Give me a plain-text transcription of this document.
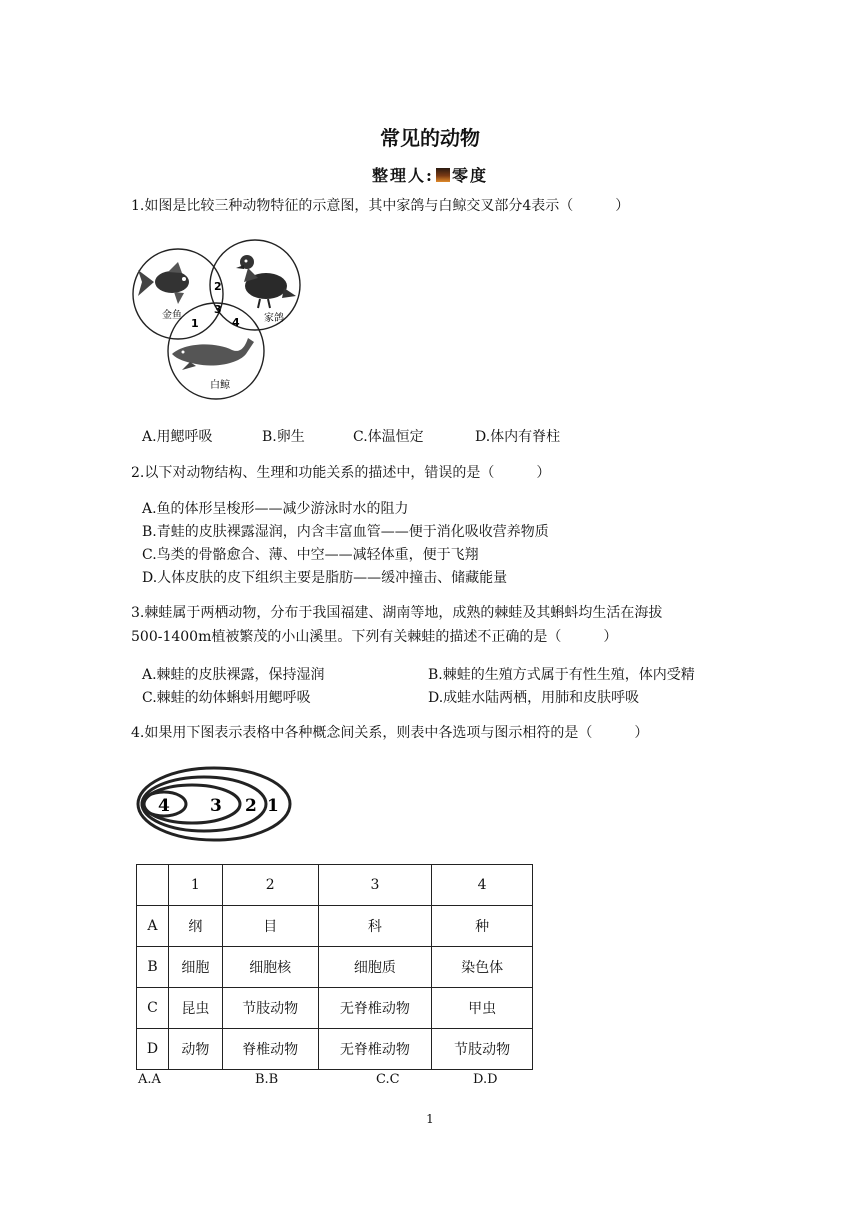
常见的动物
整理人: 零度
1.如图是比较三种动物特征的示意图，其中家鸽与白鲸交叉部分4表示（　　　）
金鱼	家鸽
白鲸
2
3
1	4
A.用鳃呼吸	B.卵生	C.体温恒定	D.体内有脊柱
2.以下对动物结构、生理和功能关系的描述中，错误的是（　　　）
A.鱼的体形呈梭形——减少游泳时水的阻力
B.青蛙的皮肤裸露湿润，内含丰富血管——便于消化吸收营养物质
C.鸟类的骨骼愈合、薄、中空——减轻体重，便于飞翔
D.人体皮肤的皮下组织主要是脂肪——缓冲撞击、储藏能量
3.棘蛙属于两栖动物，分布于我国福建、湖南等地，成熟的棘蛙及其蝌蚪均生活在海拔
500-1400m植被繁茂的小山溪里。下列有关棘蛙的描述不正确的是（　　　）
A.棘蛙的皮肤裸露，保持湿润	B.棘蛙的生殖方式属于有性生殖，体内受精
C.棘蛙的幼体蝌蚪用鳃呼吸	D.成蛙水陆两栖，用肺和皮肤呼吸
4.如果用下图表示表格中各种概念间关系，则表中各选项与图示相符的是（　　　）
4 3 2 1
	1	2	3	4
A	纲	目	科	种
B	细胞	细胞核	细胞质	染色体
C	昆虫	节肢动物	无脊椎动物	甲虫
D	动物	脊椎动物	无脊椎动物	节肢动物
A.A	B.B	C.C	D.D
1
